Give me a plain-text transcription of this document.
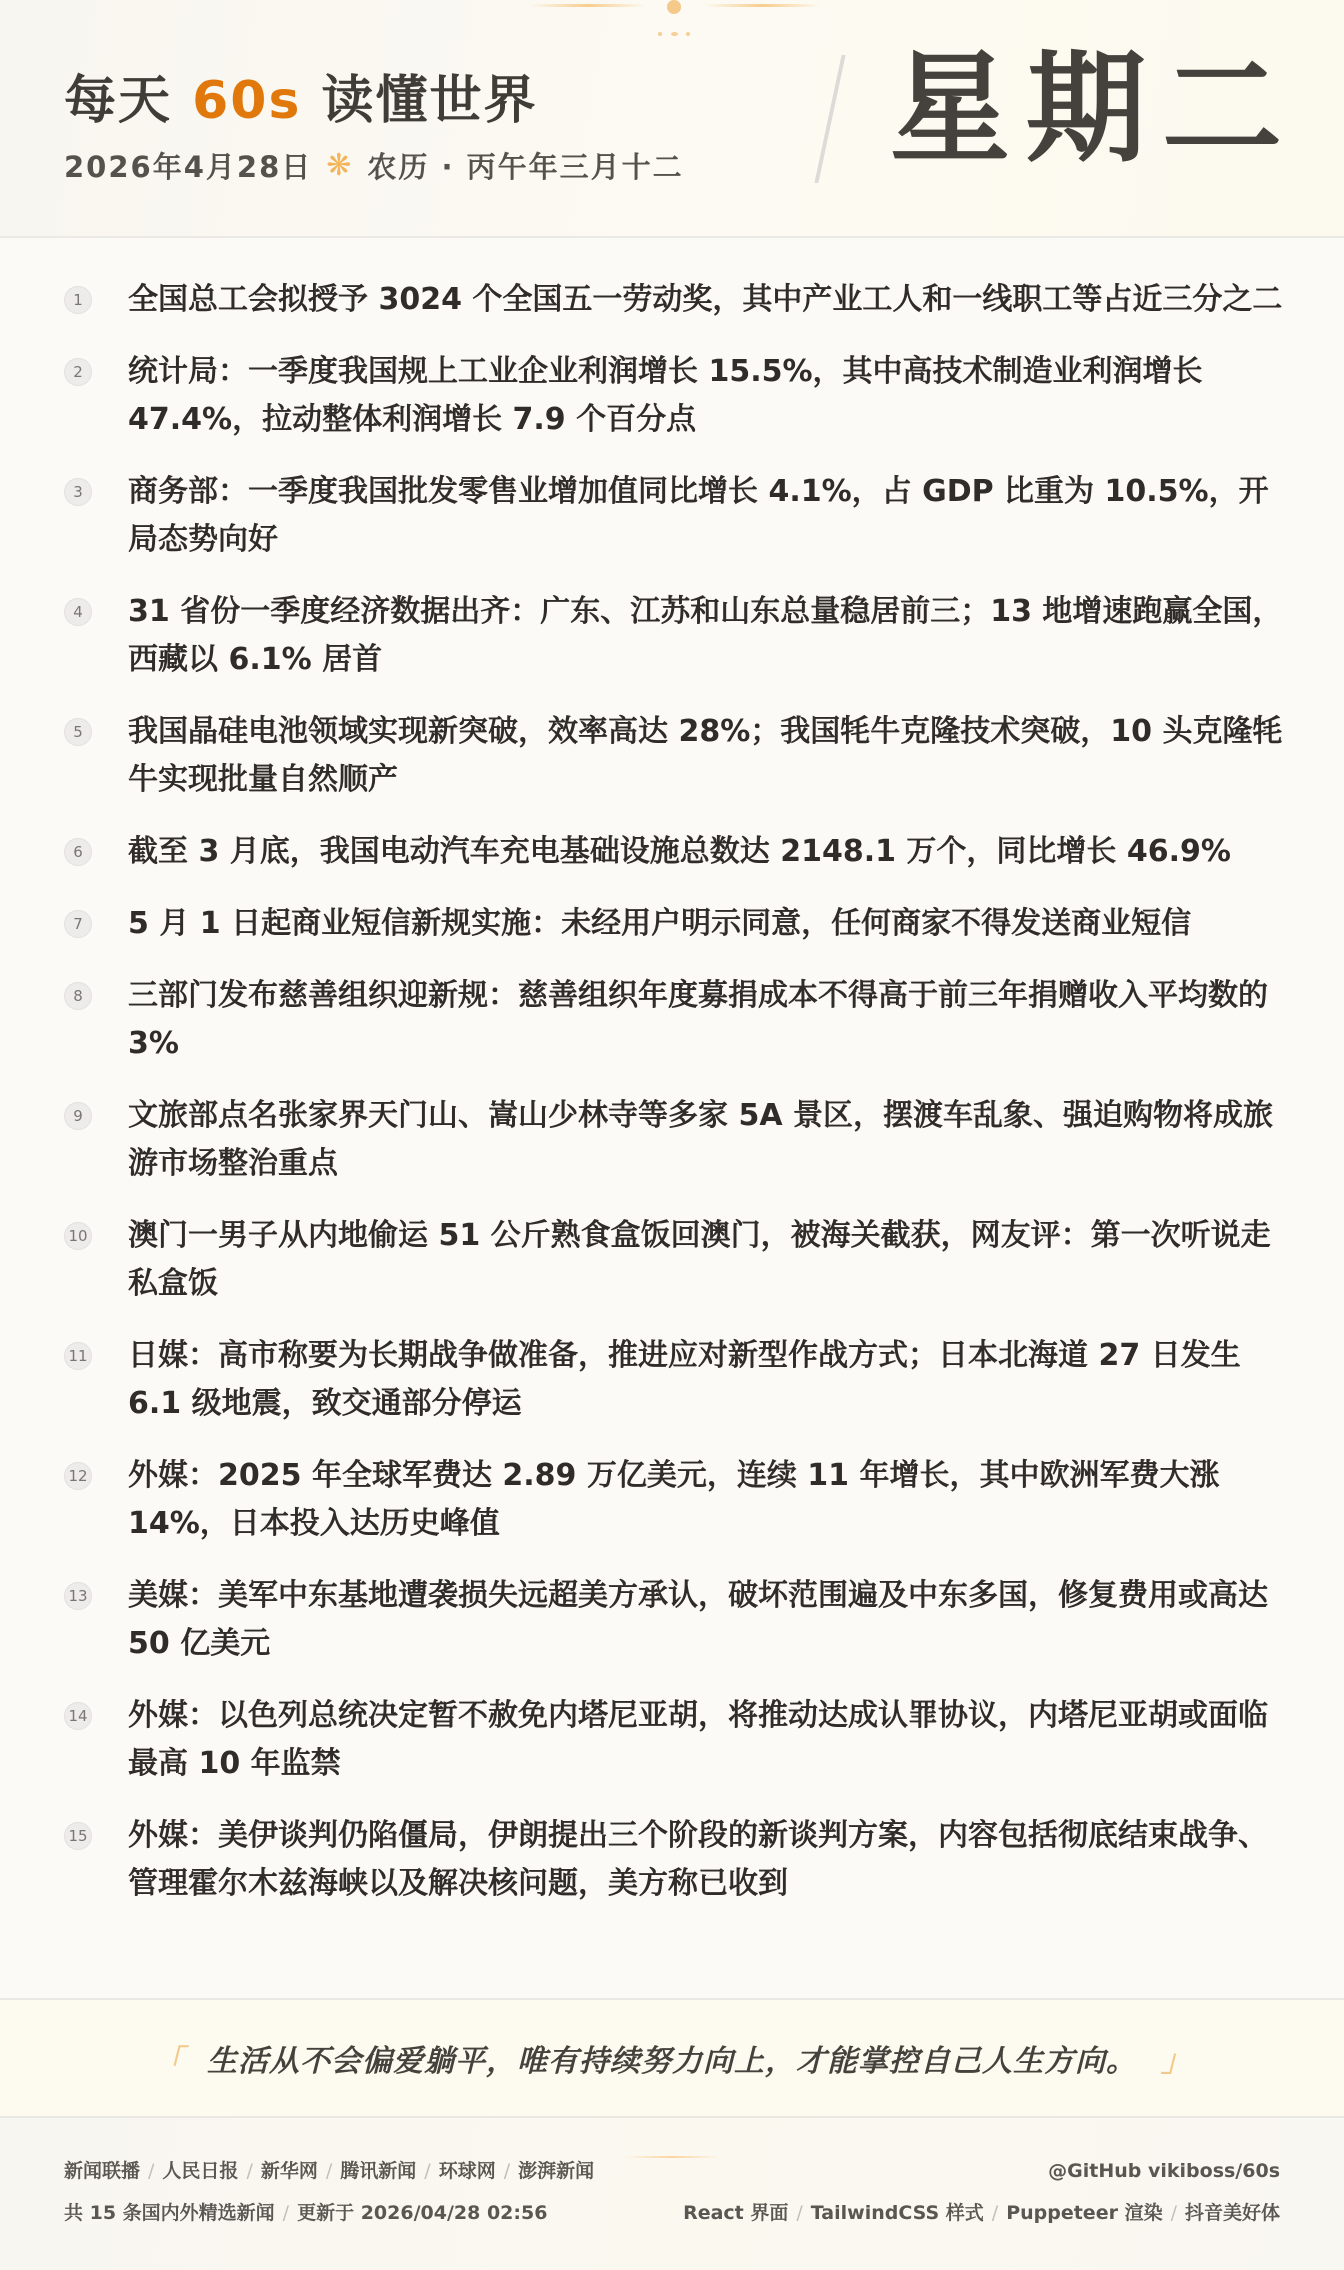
每天 60s 读懂世界
2026年4月28日 ❋ 农历 · 丙午年三月十二 星期二
1	全国总工会拟授予 3024 个全国五一劳动奖，其中产业工人和一线职工等占近三分之二
2	统计局：一季度我国规上工业企业利润增长 15.5%，其中高技术制造业利润增长 47.4%，拉动整体利润增长 7.9 个百分点
3	商务部：一季度我国批发零售业增加值同比增长 4.1%，占 GDP 比重为 10.5%，开局态势向好
4	31 省份一季度经济数据出齐：广东、江苏和山东总量稳居前三；13 地增速跑赢全国，西藏以 6.1% 居首
5	我国晶硅电池领域实现新突破，效率高达 28%；我国牦牛克隆技术突破，10 头克隆牦牛实现批量自然顺产
6	截至 3 月底，我国电动汽车充电基础设施总数达 2148.1 万个，同比增长 46.9%
7	5 月 1 日起商业短信新规实施：未经用户明示同意，任何商家不得发送商业短信
8	三部门发布慈善组织迎新规：慈善组织年度募捐成本不得高于前三年捐赠收入平均数的 3%
9	文旅部点名张家界天门山、嵩山少林寺等多家 5A 景区，摆渡车乱象、强迫购物将成旅游市场整治重点
10 澳门一男子从内地偷运 51 公斤熟食盒饭回澳门，被海关截获，网友评：第一次听说走私盒饭
11 日媒：高市称要为长期战争做准备，推进应对新型作战方式；日本北海道 27 日发生 6.1 级地震，致交通部分停运
12 外媒：2025 年全球军费达 2.89 万亿美元，连续 11 年增长，其中欧洲军费大涨 14%，日本投入达历史峰值
13 美媒：美军中东基地遭袭损失远超美方承认，破坏范围遍及中东多国，修复费用或高达 50 亿美元
14 外媒：以色列总统决定暂不赦免内塔尼亚胡，将推动达成认罪协议，内塔尼亚胡或面临最高 10 年监禁
15 外媒：美伊谈判仍陷僵局，伊朗提出三个阶段的新谈判方案，内容包括彻底结束战争、管理霍尔木兹海峡以及解决核问题，美方称已收到
「 生活从不会偏爱躺平，唯有持续努力向上，才能掌控自己人生方向。 」
新闻联播 / 人民日报 / 新华网 / 腾讯新闻 / 环球网 / 澎湃新闻
共 15 条国内外精选新闻 / 更新于 2026/04/28 02:56
@GitHub vikiboss/60s
React 界面 / TailwindCSS 样式 / Puppeteer 渲染 / 抖音美好体
